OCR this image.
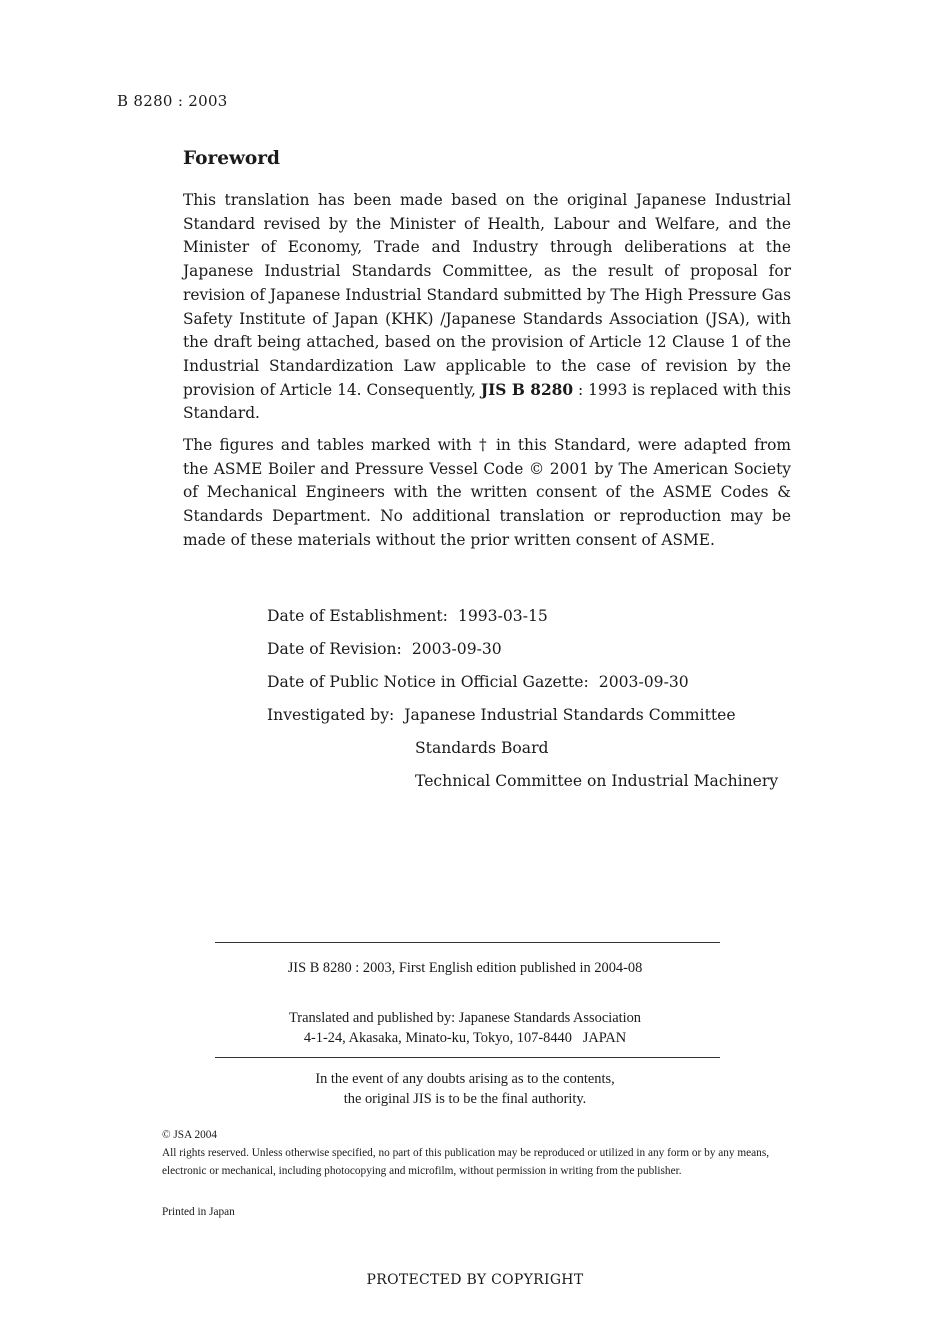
B 8280 : 2003
Foreword

This translation has been made based on the original Japanese Industrial Standard revised by the Minister of Health, Labour and Welfare, and the Minister of Economy, Trade and Industry through deliberations at the Japanese Industrial Standards Committee, as the result of proposal for revision of Japanese Industrial Standard submitted by The High Pressure Gas Safety Institute of Japan (KHK) /Japanese Standards Association (JSA), with the draft being attached, based on the provision of Article 12 Clause 1 of the Industrial Standardization Law applicable to the case of revision by the provision of Article 14. Consequently, JIS B 8280 : 1993 is replaced with this Standard.

The figures and tables marked with † in this Standard, were adapted from the ASME Boiler and Pressure Vessel Code © 2001 by The American Society of Mechanical Engineers with the written consent of the ASME Codes & Standards Department. No additional translation or reproduction may be made of these materials without the prior written consent of ASME.

Date of Establishment: 1993-03-15
Date of Revision: 2003-09-30
Date of Public Notice in Official Gazette: 2003-09-30
Investigated by: Japanese Industrial Standards Committee
Standards Board
Technical Committee on Industrial Machinery
JIS B 8280 : 2003, First English edition published in 2004-08
Translated and published by: Japanese Standards Association
4-1-24, Akasaka, Minato-ku, Tokyo, 107-8440   JAPAN
In the event of any doubts arising as to the contents,
the original JIS is to be the final authority.
© JSA 2004
All rights reserved. Unless otherwise specified, no part of this publication may be reproduced or utilized in any form or by any means, electronic or mechanical, including photocopying and microfilm, without permission in writing from the publisher.
Printed in Japan
PROTECTED BY COPYRIGHT
